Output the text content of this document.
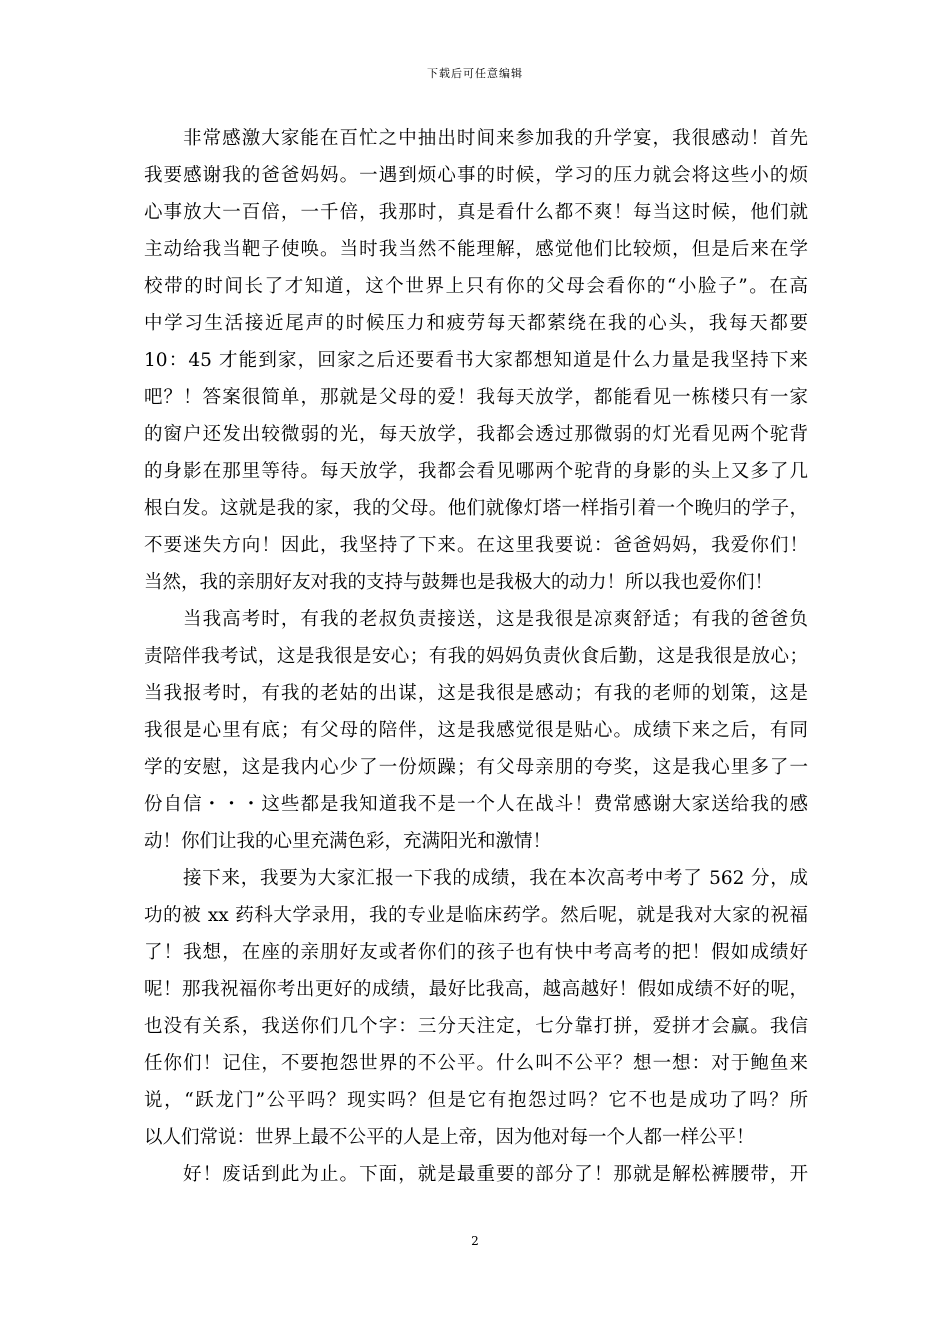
下载后可任意编辑
非常感激大家能在百忙之中抽出时间来参加我的升学宴，我很感动！首先
我要感谢我的爸爸妈妈。一遇到烦心事的时候，学习的压力就会将这些小的烦
心事放大一百倍，一千倍，我那时，真是看什么都不爽！每当这时候，他们就
主动给我当靶子使唤。当时我当然不能理解，感觉他们比较烦，但是后来在学
校带的时间长了才知道，这个世界上只有你的父母会看你的“小脸子”。在高
中学习生活接近尾声的时候压力和疲劳每天都萦绕在我的心头，我每天都要
10：45 才能到家，回家之后还要看书大家都想知道是什么力量是我坚持下来
吧？！答案很简单，那就是父母的爱！我每天放学，都能看见一栋楼只有一家
的窗户还发出较微弱的光，每天放学，我都会透过那微弱的灯光看见两个驼背
的身影在那里等待。每天放学，我都会看见哪两个驼背的身影的头上又多了几
根白发。这就是我的家，我的父母。他们就像灯塔一样指引着一个晚归的学子，
不要迷失方向！因此，我坚持了下来。在这里我要说：爸爸妈妈，我爱你们！
当然，我的亲朋好友对我的支持与鼓舞也是我极大的动力！所以我也爱你们！
当我高考时，有我的老叔负责接送，这是我很是凉爽舒适；有我的爸爸负
责陪伴我考试，这是我很是安心；有我的妈妈负责伙食后勤，这是我很是放心；
当我报考时，有我的老姑的出谋，这是我很是感动；有我的老师的划策，这是
我很是心里有底；有父母的陪伴，这是我感觉很是贴心。成绩下来之后，有同
学的安慰，这是我内心少了一份烦躁；有父母亲朋的夸奖，这是我心里多了一
份自信・・・这些都是我知道我不是一个人在战斗！费常感谢大家送给我的感
动！你们让我的心里充满色彩，充满阳光和激情！
接下来，我要为大家汇报一下我的成绩，我在本次高考中考了 562 分，成
功的被 xx 药科大学录用，我的专业是临床药学。然后呢，就是我对大家的祝福
了！我想，在座的亲朋好友或者你们的孩子也有快中考高考的把！假如成绩好
呢！那我祝福你考出更好的成绩，最好比我高，越高越好！假如成绩不好的呢，
也没有关系，我送你们几个字：三分天注定，七分靠打拼，爱拼才会赢。我信
任你们！记住，不要抱怨世界的不公平。什么叫不公平？想一想：对于鲍鱼来
说，“跃龙门”公平吗？现实吗？但是它有抱怨过吗？它不也是成功了吗？所
以人们常说：世界上最不公平的人是上帝，因为他对每一个人都一样公平！
好！废话到此为止。下面，就是最重要的部分了！那就是解松裤腰带，开
2
